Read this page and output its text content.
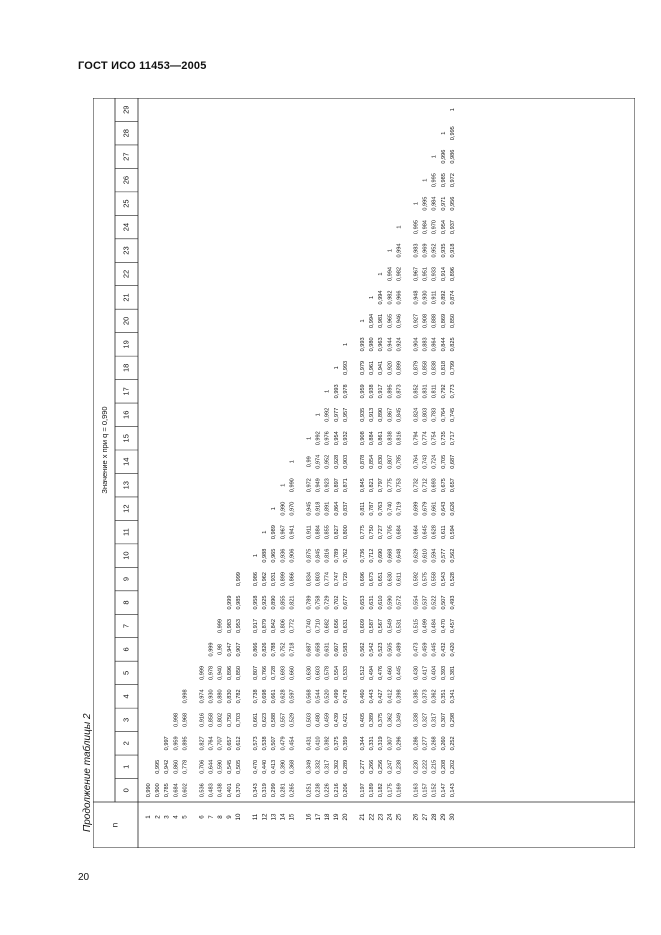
ГОСТ ИСО 11453—2005
Продолжение таблицы 2
20
Значение x при q = 0,990
n
0
1
2
3
4
5
6
7
8
9
10
11
12
13
14
15
16
17
18
19
20
21
22
23
24
25
26
27
28
29
1
0,990
2
0,900
0,995
3
0,785
0,942
0,997
4
0,684
0,860
0,959
0,998
5
0,602
0,778
0,895
0,968
0,998
6
0,536
0,706
0,827
0,916
0,974
0,999
7
0,483
0,644
0,764
0,858
0,930
0,978
0,999
8
0,438
0,590
0,707
0,802
0,880
0,940
0,98
0,999
9
0,401
0,545
0,657
0,750
0,830
0,896
0,947
0,983
0,999
10
0,370
0,505
0,612
0,703
0,782
0,850
0,907
0,953
0,985
0,999
11
0,343
0,470
0,573
0,661
0,738
0,807
0,866
0,917
0,958
0,986
1
12
0,319
0,440
0,538
0,623
0,698
0,766
0,826
0,879
0,925
0,962
0,988
1
13
0,299
0,413
0,507
0,588
0,661
0,728
0,788
0,842
0,890
0,931
0,965
0,989
1
14
0,281
0,390
0,479
0,557
0,628
0,693
0,752
0,806
0,855
0,899
0,936
0,967
0,990
1
15
0,265
0,368
0,454
0,529
0,597
0,660
0,718
0,772
0,821
0,866
0,906
0,941
0,970
0,990
1
16
0,251
0,349
0,431
0,503
0,568
0,630
0,687
0,740
0,789
0,834
0,875
0,911
0,945
0,972
0,99
1
17
0,238
0,332
0,410
0,480
0,544
0,603
0,658
0,710
0,758
0,803
0,845
0,884
0,918
0,949
0,974
0,992
1
18
0,226
0,317
0,392
0,459
0,520
0,578
0,631
0,682
0,729
0,774
0,816
0,855
0,891
0,923
0,952
0,976
0,992
1
19
0,216
0,302
0,375
0,439
0,499
0,554
0,607
0,656
0,702
0,747
0,789
0,827
0,864
0,897
0,928
0,954
0,977
0,993
1
20
0,206
0,289
0,359
0,421
0,478
0,533
0,583
0,631
0,677
0,720
0,762
0,800
0,837
0,871
0,903
0,932
0,957
0,978
0,993
1
21
0,197
0,277
0,344
0,405
0,460
0,512
0,562
0,609
0,653
0,696
0,736
0,775
0,811
0,845
0,878
0,908
0,935
0,959
0,979
0,993
1
22
0,189
0,266
0,331
0,389
0,443
0,494
0,542
0,587
0,631
0,673
0,712
0,750
0,787
0,821
0,854
0,884
0,913
0,938
0,961
0,980
0,994
1
23
0,182
0,256
0,319
0,375
0,427
0,476
0,523
0,567
0,610
0,651
0,690
0,727
0,763
0,797
0,830
0,861
0,890
0,917
0,941
0,963
0,981
0,994
1
24
0,175
0,247
0,307
0,362
0,412
0,460
0,505
0,549
0,590
0,630
0,668
0,705
0,740
0,775
0,807
0,838
0,867
0,895
0,920
0,944
0,965
0,982
0,994
1
25
0,169
0,238
0,296
0,349
0,398
0,445
0,489
0,531
0,572
0,611
0,648
0,684
0,719
0,753
0,785
0,816
0,845
0,873
0,899
0,924
0,946
0,966
0,982
0,994
1
26
0,163
0,230
0,286
0,338
0,385
0,430
0,473
0,515
0,554
0,592
0,629
0,664
0,699
0,732
0,764
0,794
0,824
0,852
0,879
0,904
0,927
0,948
0,967
0,983
0,995
1
27
0,157
0,222
0,277
0,327
0,373
0,417
0,459
0,499
0,537
0,575
0,610
0,645
0,679
0,712
0,743
0,774
0,803
0,831
0,858
0,883
0,908
0,930
0,951
0,969
0,984
0,995
1
28
0,152
0,215
0,268
0,317
0,362
0,404
0,445
0,484
0,522
0,558
0,594
0,628
0,661
0,693
0,724
0,754
0,783
0,811
0,838
0,864
0,888
0,911
0,933
0,952
0,970
0,984
0,995
1
29
0,147
0,208
0,260
0,307
0,351
0,393
0,432
0,470
0,507
0,543
0,577
0,611
0,643
0,675
0,705
0,735
0,764
0,792
0,818
0,844
0,869
0,892
0,914
0,935
0,954
0,971
0,985
0,996
1
30
0,143
0,202
0,252
0,298
0,341
0,381
0,420
0,457
0,493
0,528
0,562
0,594
0,626
0,657
0,687
0,717
0,745
0,773
0,799
0,825
0,850
0,874
0,896
0,918
0,937
0,956
0,972
0,986
0,995
1
